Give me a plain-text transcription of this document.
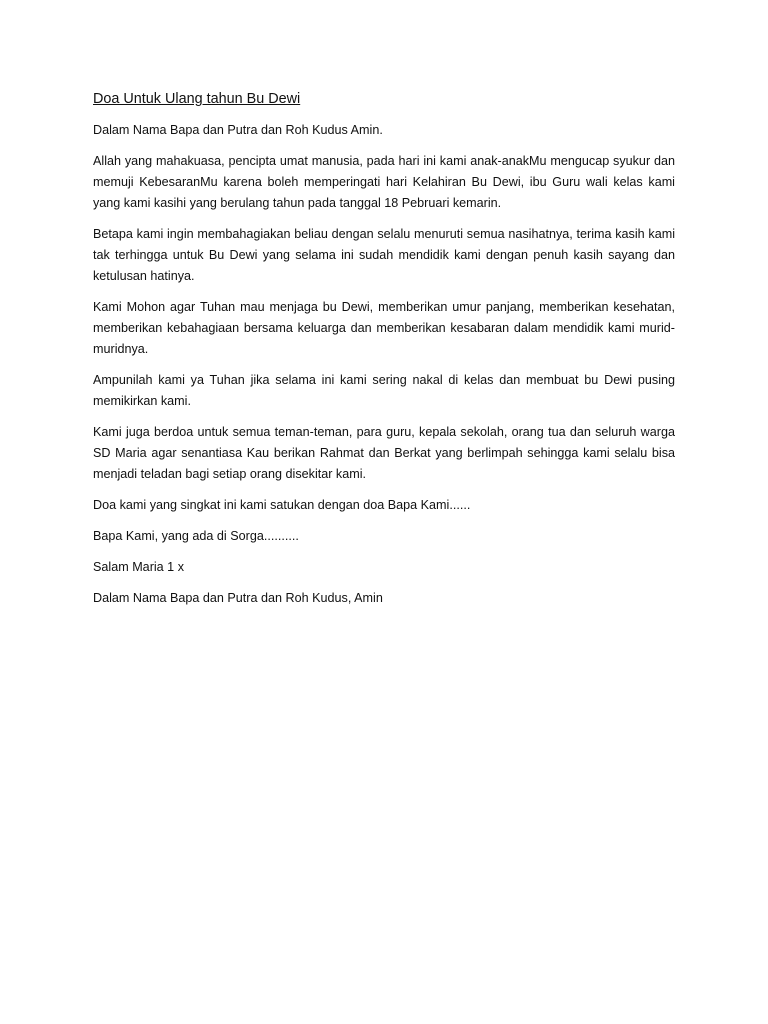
Doa Untuk Ulang tahun Bu Dewi

Dalam Nama Bapa dan Putra dan Roh Kudus Amin.

Allah yang mahakuasa, pencipta umat manusia, pada hari ini kami anak-anakMu mengucap syukur dan memuji KebesaranMu karena boleh memperingati hari Kelahiran Bu Dewi, ibu Guru wali kelas kami yang kami kasihi yang berulang tahun pada tanggal 18 Pebruari kemarin.

Betapa kami ingin membahagiakan beliau dengan selalu menuruti semua nasihatnya, terima kasih kami tak terhingga untuk Bu Dewi yang selama ini sudah mendidik kami dengan penuh kasih sayang dan ketulusan hatinya.

Kami Mohon agar Tuhan mau menjaga bu Dewi, memberikan umur panjang, memberikan kesehatan, memberikan kebahagiaan bersama keluarga dan memberikan kesabaran dalam mendidik kami murid-muridnya.

Ampunilah kami ya Tuhan jika selama ini kami sering nakal di kelas dan membuat bu Dewi pusing memikirkan kami.

Kami juga berdoa untuk semua teman-teman, para guru, kepala sekolah, orang tua dan seluruh warga SD Maria agar senantiasa Kau berikan Rahmat dan Berkat yang berlimpah sehingga kami selalu bisa menjadi teladan bagi setiap orang disekitar kami.

Doa kami yang singkat ini kami satukan dengan doa Bapa Kami......

Bapa Kami, yang ada di Sorga..........

Salam Maria 1 x

Dalam Nama Bapa dan Putra dan Roh Kudus, Amin
